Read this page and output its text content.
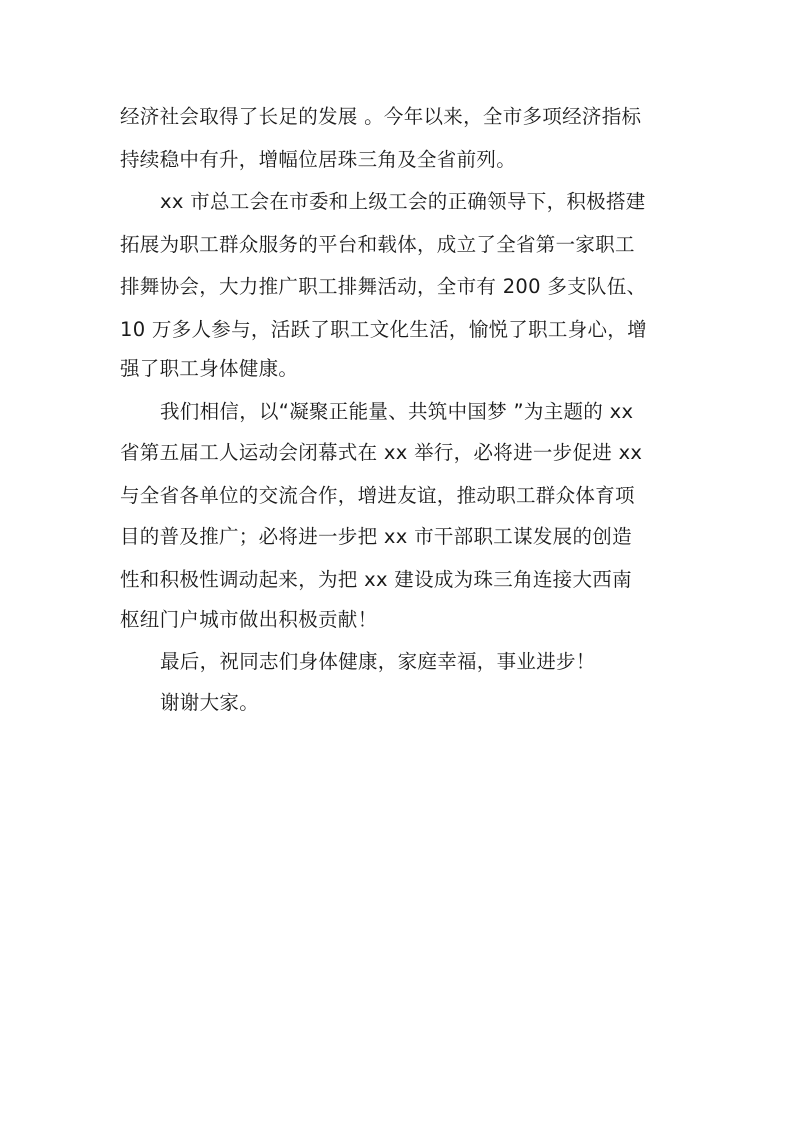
经济社会取得了长足的发展 。今年以来，全市多项经济指标
持续稳中有升，增幅位居珠三角及全省前列。
xx 市总工会在市委和上级工会的正确领导下，积极搭建
拓展为职工群众服务的平台和载体，成立了全省第一家职工
排舞协会，大力推广职工排舞活动，全市有 200 多支队伍、
10 万多人参与，活跃了职工文化生活，愉悦了职工身心，增
强了职工身体健康。
我们相信，以“凝聚正能量、共筑中国梦 ”为主题的 xx
省第五届工人运动会闭幕式在 xx 举行，必将进一步促进 xx
与全省各单位的交流合作，增进友谊，推动职工群众体育项
目的普及推广；必将进一步把 xx 市干部职工谋发展的创造
性和积极性调动起来，为把 xx 建设成为珠三角连接大西南
枢纽门户城市做出积极贡献！
最后，祝同志们身体健康，家庭幸福，事业进步！
谢谢大家。
